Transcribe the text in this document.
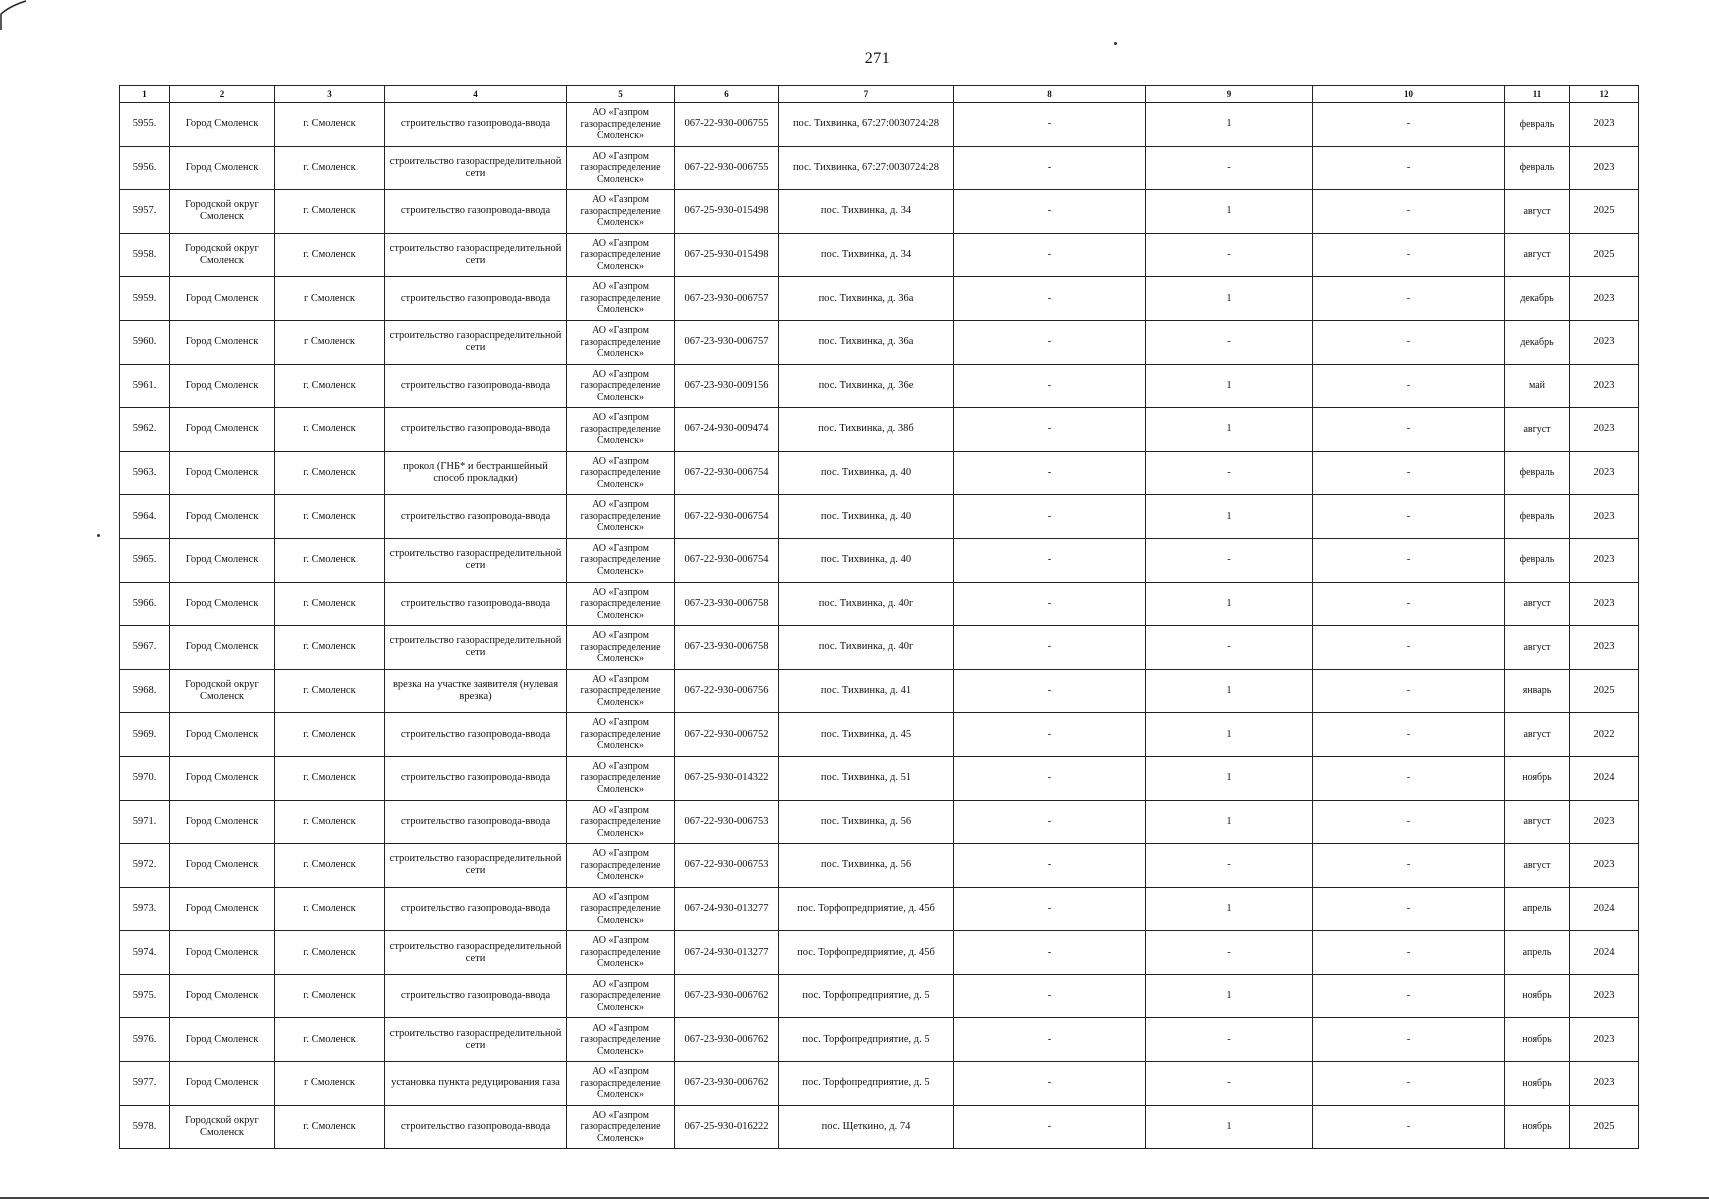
271
1	2	3	4	5	6	7	8	9	10	11	12
5955.	Город Смоленск	г. Смоленск	строительство газопровода-ввода	АО «Газпром газораспределение Смоленск»	067-22-930-006755	пос. Тихвинка, 67:27:0030724:28	-	1	-	февраль	2023
5956.	Город Смоленск	г. Смоленск	строительство газораспределительной сети	АО «Газпром газораспределение Смоленск»	067-22-930-006755	пос. Тихвинка, 67:27:0030724:28	-	-	-	февраль	2023
5957.	Городской округ Смоленск	г. Смоленск	строительство газопровода-ввода	АО «Газпром газораспределение Смоленск»	067-25-930-015498	пос. Тихвинка, д. 34	-	1	-	август	2025
5958.	Городской округ Смоленск	г. Смоленск	строительство газораспределительной сети	АО «Газпром газораспределение Смоленск»	067-25-930-015498	пос. Тихвинка, д. 34	-	-	-	август	2025
5959.	Город Смоленск	г Смоленск	строительство газопровода-ввода	АО «Газпром газораспределение Смоленск»	067-23-930-006757	пос. Тихвинка, д. 36а	-	1	-	декабрь	2023
5960.	Город Смоленск	г Смоленск	строительство газораспределительной сети	АО «Газпром газораспределение Смоленск»	067-23-930-006757	пос. Тихвинка, д. 36а	-	-	-	декабрь	2023
5961.	Город Смоленск	г. Смоленск	строительство газопровода-ввода	АО «Газпром газораспределение Смоленск»	067-23-930-009156	пос. Тихвинка, д. 36е	-	1	-	май	2023
5962.	Город Смоленск	г. Смоленск	строительство газопровода-ввода	АО «Газпром газораспределение Смоленск»	067-24-930-009474	пос. Тихвинка, д. 38б	-	1	-	август	2023
5963.	Город Смоленск	г. Смоленск	прокол (ГНБ* и бестраншейный способ прокладки)	АО «Газпром газораспределение Смоленск»	067-22-930-006754	пос. Тихвинка, д. 40	-	-	-	февраль	2023
5964.	Город Смоленск	г. Смоленск	строительство газопровода-ввода	АО «Газпром газораспределение Смоленск»	067-22-930-006754	пос. Тихвинка, д. 40	-	1	-	февраль	2023
5965.	Город Смоленск	г. Смоленск	строительство газораспределительной сети	АО «Газпром газораспределение Смоленск»	067-22-930-006754	пос. Тихвинка, д. 40	-	-	-	февраль	2023
5966.	Город Смоленск	г. Смоленск	строительство газопровода-ввода	АО «Газпром газораспределение Смоленск»	067-23-930-006758	пос. Тихвинка, д. 40г	-	1	-	август	2023
5967.	Город Смоленск	г. Смоленск	строительство газораспределительной сети	АО «Газпром газораспределение Смоленск»	067-23-930-006758	пос. Тихвинка, д. 40г	-	-	-	август	2023
5968.	Городской округ Смоленск	г. Смоленск	врезка на участке заявителя (нулевая врезка)	АО «Газпром газораспределение Смоленск»	067-22-930-006756	пос. Тихвинка, д. 41	-	1	-	январь	2025
5969.	Город Смоленск	г. Смоленск	строительство газопровода-ввода	АО «Газпром газораспределение Смоленск»	067-22-930-006752	пос. Тихвинка, д. 45	-	1	-	август	2022
5970.	Город Смоленск	г. Смоленск	строительство газопровода-ввода	АО «Газпром газораспределение Смоленск»	067-25-930-014322	пос. Тихвинка, д. 51	-	1	-	ноябрь	2024
5971.	Город Смоленск	г. Смоленск	строительство газопровода-ввода	АО «Газпром газораспределение Смоленск»	067-22-930-006753	пос. Тихвинка, д. 56	-	1	-	август	2023
5972.	Город Смоленск	г. Смоленск	строительство газораспределительной сети	АО «Газпром газораспределение Смоленск»	067-22-930-006753	пос. Тихвинка, д. 56	-	-	-	август	2023
5973.	Город Смоленск	г. Смоленск	строительство газопровода-ввода	АО «Газпром газораспределение Смоленск»	067-24-930-013277	пос. Торфопредприятие, д. 45б	-	1	-	апрель	2024
5974.	Город Смоленск	г. Смоленск	строительство газораспределительной сети	АО «Газпром газораспределение Смоленск»	067-24-930-013277	пос. Торфопредприятие, д. 45б	-	-	-	апрель	2024
5975.	Город Смоленск	г. Смоленск	строительство газопровода-ввода	АО «Газпром газораспределение Смоленск»	067-23-930-006762	пос. Торфопредприятие, д. 5	-	1	-	ноябрь	2023
5976.	Город Смоленск	г. Смоленск	строительство газораспределительной сети	АО «Газпром газораспределение Смоленск»	067-23-930-006762	пос. Торфопредприятие, д. 5	-	-	-	ноябрь	2023
5977.	Город Смоленск	г Смоленск	установка пункта редуцирования газа	АО «Газпром газораспределение Смоленск»	067-23-930-006762	пос. Торфопредприятие, д. 5	-	-	-	ноябрь	2023
5978.	Городской округ Смоленск	г. Смоленск	строительство газопровода-ввода	АО «Газпром газораспределение Смоленск»	067-25-930-016222	пос. Щеткино, д. 74	-	1	-	ноябрь	2025
